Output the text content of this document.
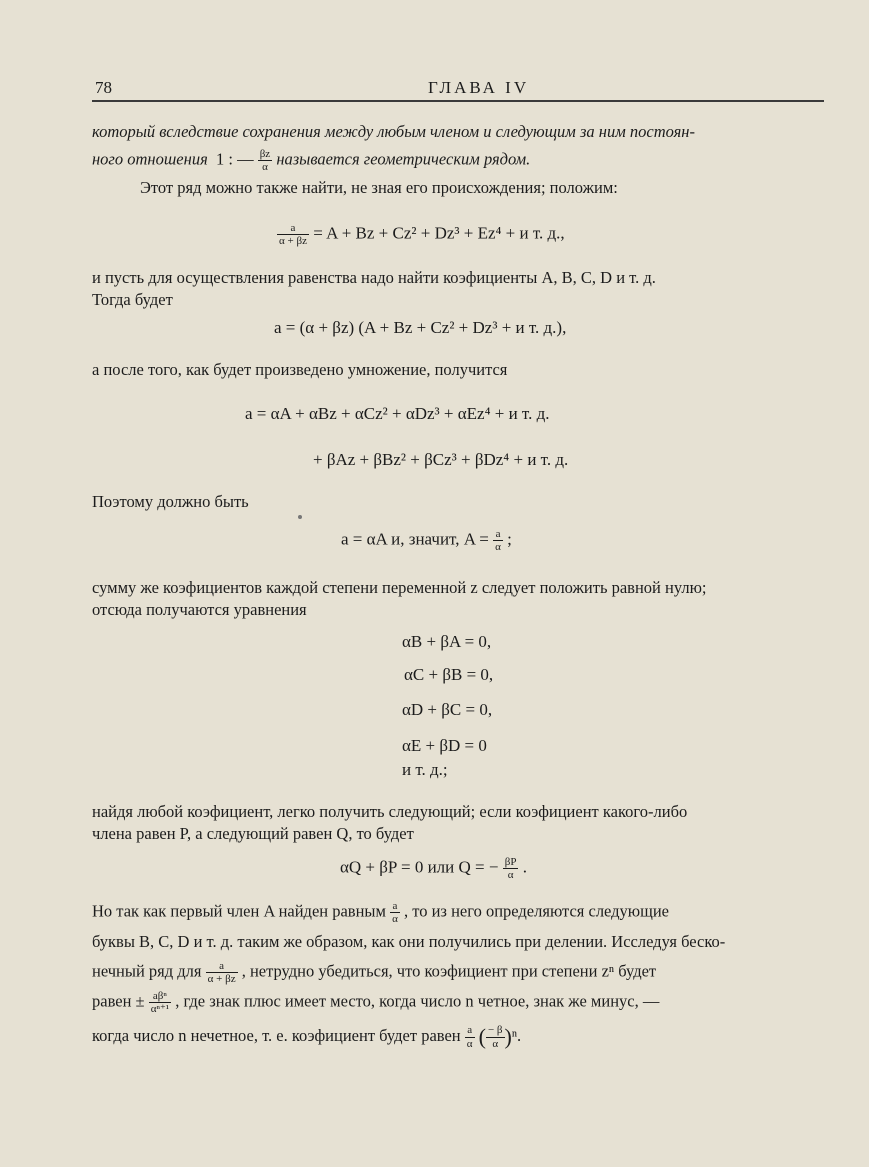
78	ГЛАВА IV
который вследствие сохранения между любым членом и следующим за ним постоян-
ного отношения 1 : — $\frac{\beta z}{\alpha}$ называется геометрическим рядом.
Этот ряд можно также найти, не зная его происхождения; положим:
$\frac{a}{\alpha + \beta z} = A + Bz + Cz^2 + Dz^3 + Ez^4 + и$ т. д.,
и пусть для осуществления равенства надо найти коэфициенты A, B, C, D и т. д.
Тогда будет
a = (α + βz) (A + Bz + Cz² + Dz³ + и т. д.),
а после того, как будет произведено умножение, получится
a = αA + αBz + αCz² + αDz³ + αEz⁴ + и т. д.
+ βAz + βBz² + βCz³ + βDz⁴ + и т. д.
Поэтому должно быть
a = αA и, значит, $A = \frac{a}{\alpha}$ ;
сумму же коэфициентов каждой степени переменной z следует положить равной нулю;
отсюда получаются уравнения
αB + βA = 0,
αC + βB = 0,
αD + βC = 0,
αE + βD = 0
и т. д.;
найдя любой коэфициент, легко получить следующий; если коэфициент какого-либо
члена равен P, а следующий равен Q, то будет
αQ + βP = 0 или Q = − $\frac{\beta P}{\alpha}$ .
Но так как первый член A найден равным $\frac{a}{\alpha}$ , то из него определяются следующие
буквы B, C, D и т. д. таким же образом, как они получились при делении. Исследуя беско-
нечный ряд для $\frac{a}{\alpha + \beta z}$ , нетрудно убедиться, что коэфициент при степени zⁿ будет
равен ± $\frac{\text{aβⁿ}}{\text{αⁿ⁺¹}}$ , где знак плюс имеет место, когда число n четное, знак же минус, —
когда число n нечетное, т. е. коэфициент будет равен $\frac{a}{\alpha}$ ( $\frac{- \beta}{\alpha} )^n$.
